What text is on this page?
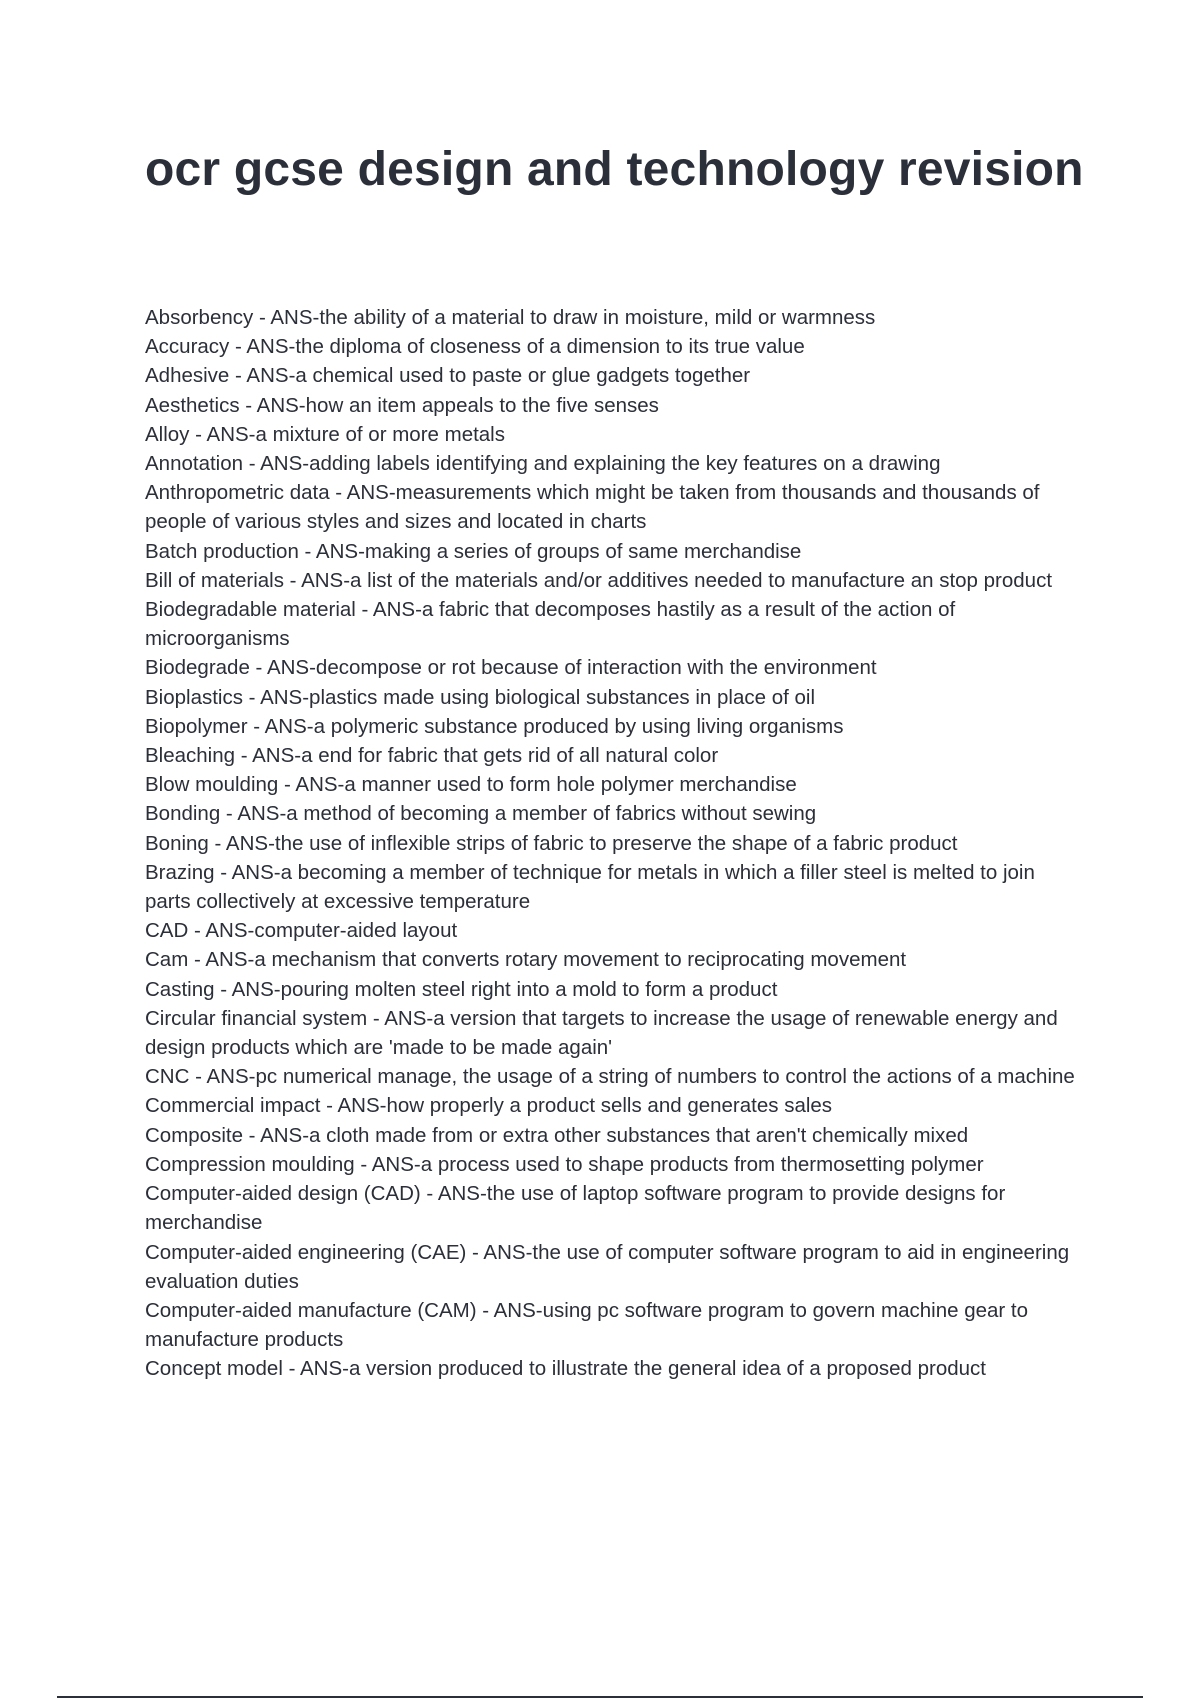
ocr gcse design and technology revision
Absorbency - ANS-the ability of a material to draw in moisture, mild or warmness
Accuracy - ANS-the diploma of closeness of a dimension to its true value
Adhesive - ANS-a chemical used to paste or glue gadgets together
Aesthetics - ANS-how an item appeals to the five senses
Alloy - ANS-a mixture of or more metals
Annotation - ANS-adding labels identifying and explaining the key features on a drawing
Anthropometric data - ANS-measurements which might be taken from thousands and thousands of people of various styles and sizes and located in charts
Batch production - ANS-making a series of groups of same merchandise
Bill of materials - ANS-a list of the materials and/or additives needed to manufacture an stop product
Biodegradable material - ANS-a fabric that decomposes hastily as a result of the action of microorganisms
Biodegrade - ANS-decompose or rot because of interaction with the environment
Bioplastics - ANS-plastics made using biological substances in place of oil
Biopolymer - ANS-a polymeric substance produced by using living organisms
Bleaching - ANS-a end for fabric that gets rid of all natural color
Blow moulding - ANS-a manner used to form hole polymer merchandise
Bonding - ANS-a method of becoming a member of fabrics without sewing
Boning - ANS-the use of inflexible strips of fabric to preserve the shape of a fabric product
Brazing - ANS-a becoming a member of technique for metals in which a filler steel is melted to join parts collectively at excessive temperature
CAD - ANS-computer-aided layout
Cam - ANS-a mechanism that converts rotary movement to reciprocating movement
Casting - ANS-pouring molten steel right into a mold to form a product
Circular financial system - ANS-a version that targets to increase the usage of renewable energy and design products which are 'made to be made again'
CNC - ANS-pc numerical manage, the usage of a string of numbers to control the actions of a machine
Commercial impact - ANS-how properly a product sells and generates sales
Composite - ANS-a cloth made from or extra other substances that aren't chemically mixed
Compression moulding - ANS-a process used to shape products from thermosetting polymer
Computer-aided design (CAD) - ANS-the use of laptop software program to provide designs for merchandise
Computer-aided engineering (CAE) - ANS-the use of computer software program to aid in engineering evaluation duties
Computer-aided manufacture (CAM) - ANS-using pc software program to govern machine gear to manufacture products
Concept model - ANS-a version produced to illustrate the general idea of a proposed product
